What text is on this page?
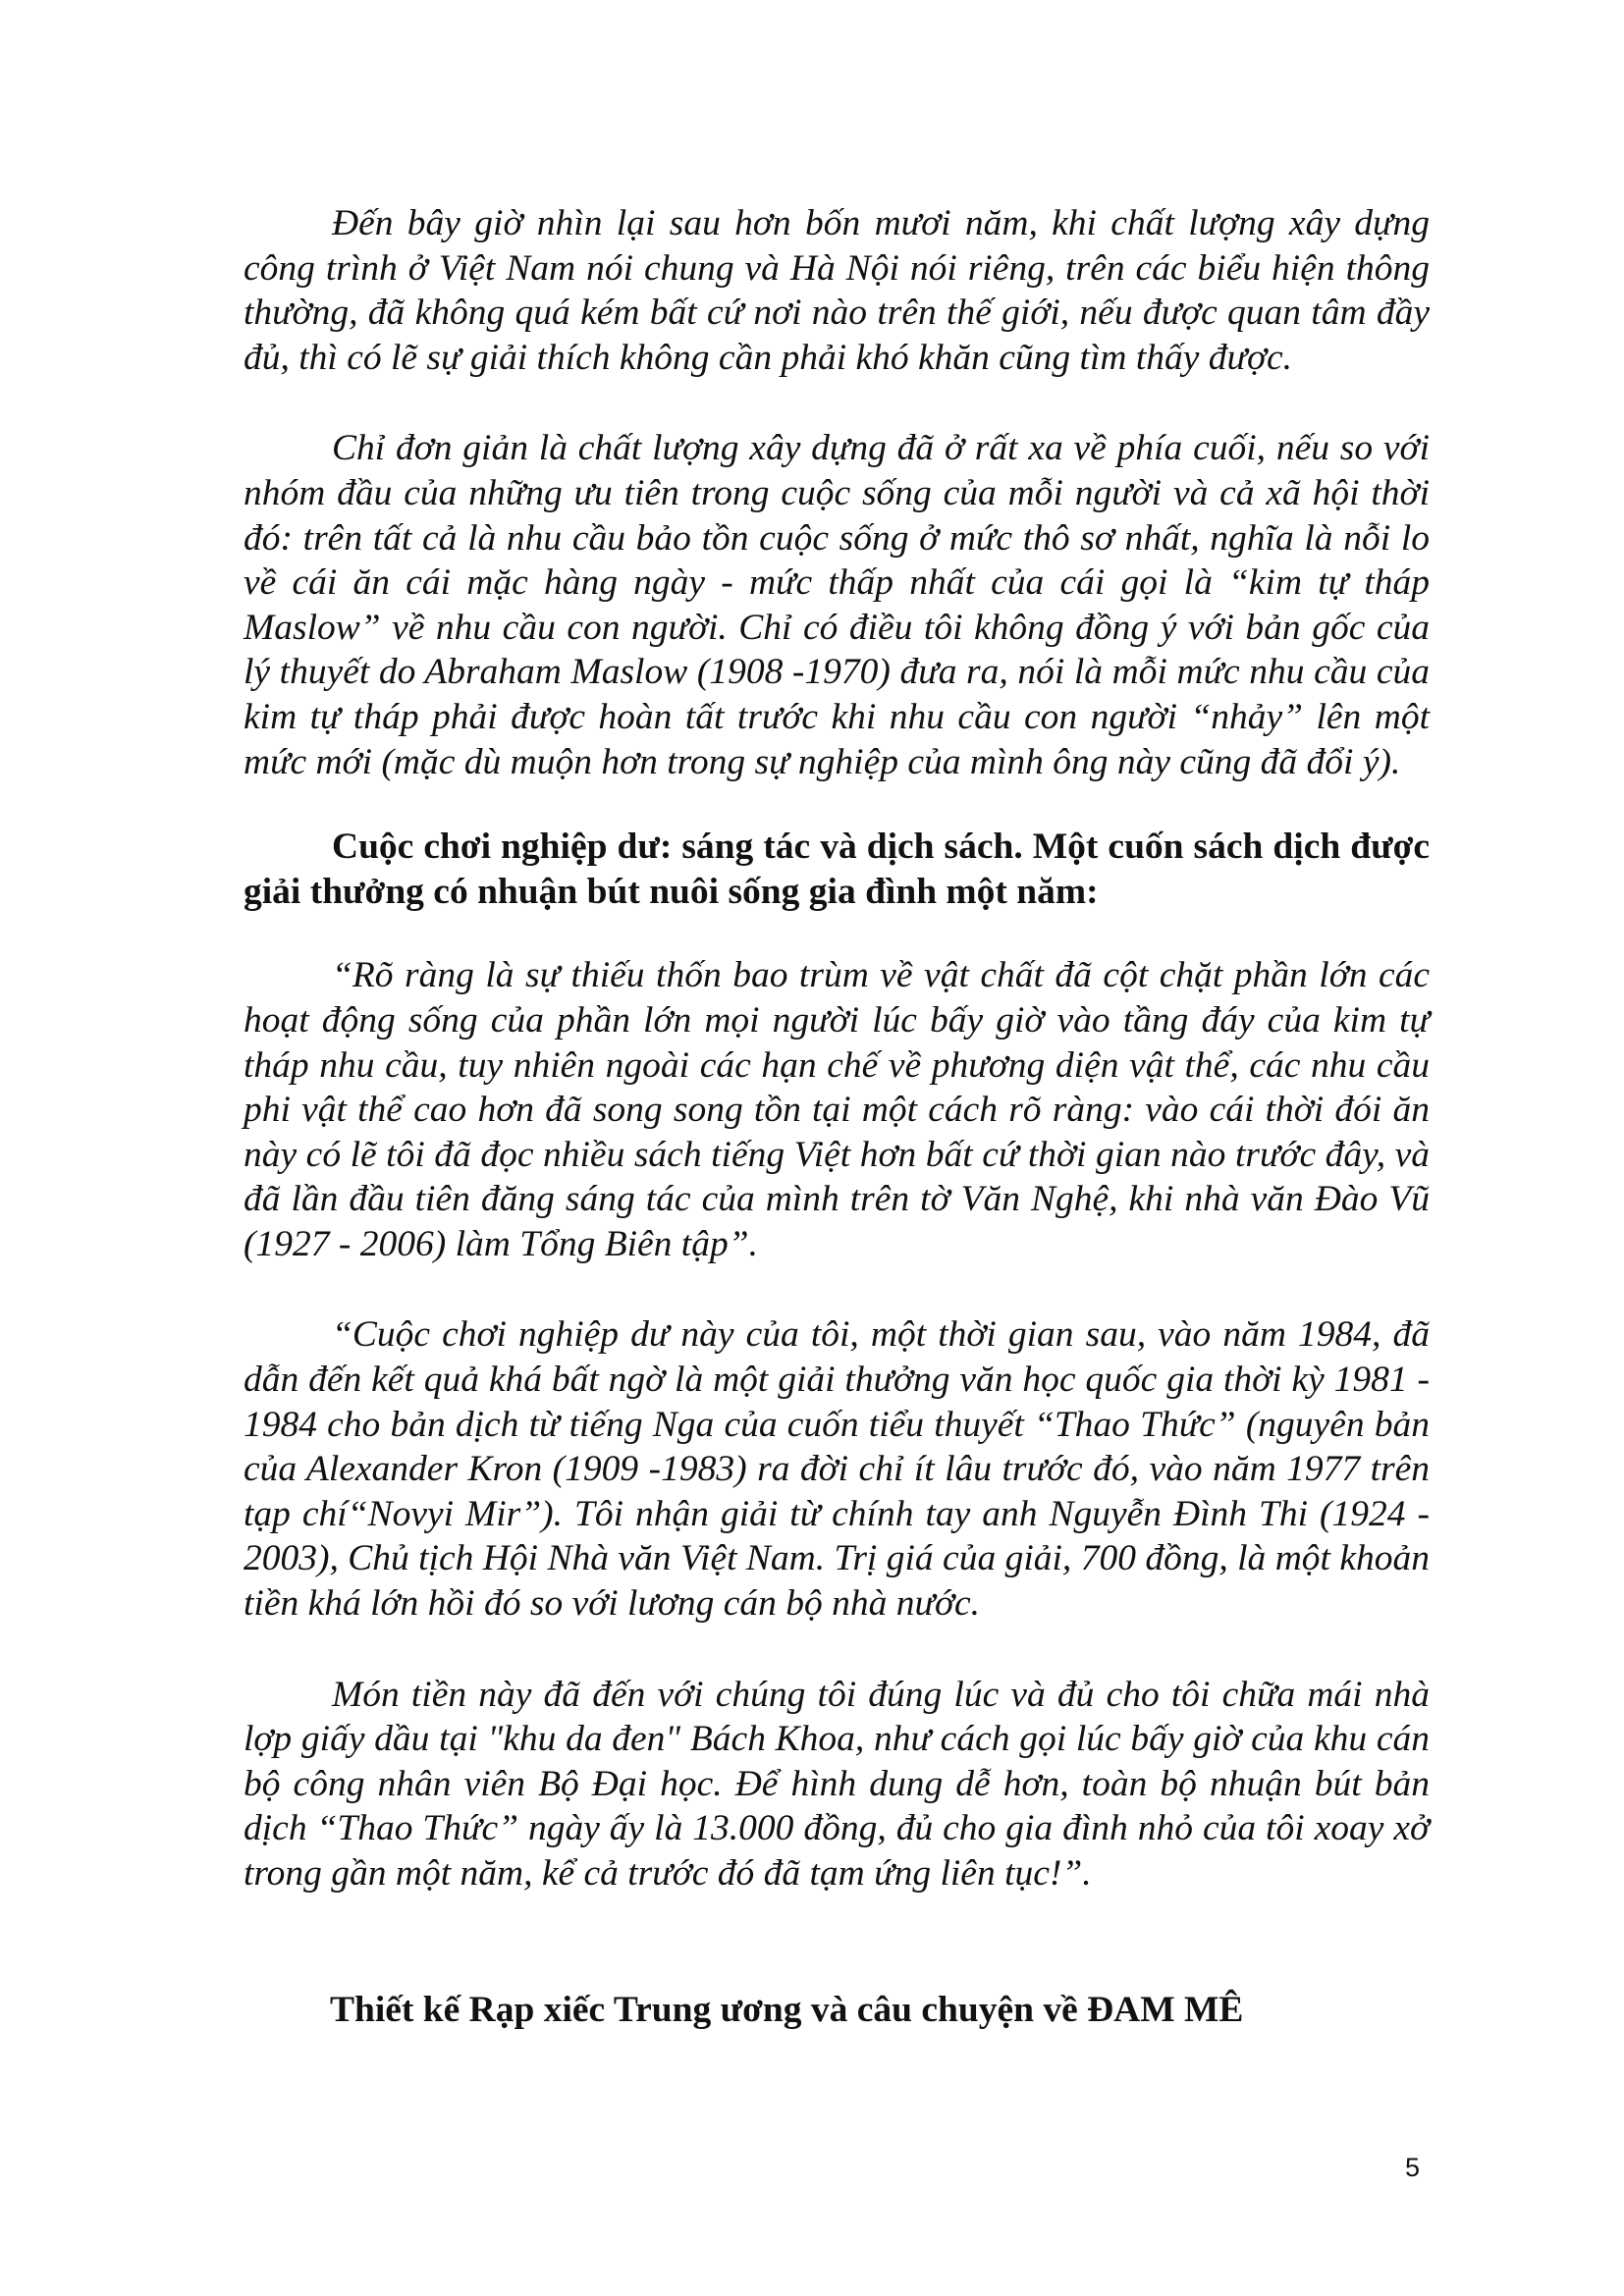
Đến bây giờ nhìn lại sau hơn bốn mươi năm, khi chất lượng xây dựng công trình ở Việt Nam nói chung và Hà Nội nói riêng, trên các biểu hiện thông thường, đã không quá kém bất cứ nơi nào trên thế giới, nếu được quan tâm đầy đủ, thì có lẽ sự giải thích không cần phải khó khăn cũng tìm thấy được.

Chỉ đơn giản là chất lượng xây dựng đã ở rất xa về phía cuối, nếu so với nhóm đầu của những ưu tiên trong cuộc sống của mỗi người và cả xã hội thời đó: trên tất cả là nhu cầu bảo tồn cuộc sống ở mức thô sơ nhất, nghĩa là nỗi lo về cái ăn cái mặc hàng ngày - mức thấp nhất của cái gọi là “kim tự tháp Maslow” về nhu cầu con người. Chỉ có điều tôi không đồng ý với bản gốc của lý thuyết do Abraham Maslow (1908 -1970) đưa ra, nói là mỗi mức nhu cầu của kim tự tháp phải được hoàn tất trước khi nhu cầu con người “nhảy” lên một mức mới (mặc dù muộn hơn trong sự nghiệp của mình ông này cũng đã đổi ý).

Cuộc chơi nghiệp dư: sáng tác và dịch sách. Một cuốn sách dịch được giải thưởng có nhuận bút nuôi sống gia đình một năm:

“Rõ ràng là sự thiếu thốn bao trùm về vật chất đã cột chặt phần lớn các hoạt động sống của phần lớn mọi người lúc bấy giờ vào tầng đáy của kim tự tháp nhu cầu, tuy nhiên ngoài các hạn chế về phương diện vật thể, các nhu cầu phi vật thể cao hơn đã song song tồn tại một cách rõ ràng: vào cái thời đói ăn này có lẽ tôi đã đọc nhiều sách tiếng Việt hơn bất cứ thời gian nào trước đây, và đã lần đầu tiên đăng sáng tác của mình trên tờ Văn Nghệ, khi nhà văn Đào Vũ (1927 - 2006) làm Tổng Biên tập”.

“Cuộc chơi nghiệp dư này của tôi, một thời gian sau, vào năm 1984, đã dẫn đến kết quả khá bất ngờ là một giải thưởng văn học quốc gia thời kỳ 1981 - 1984 cho bản dịch từ tiếng Nga của cuốn tiểu thuyết “Thao Thức” (nguyên bản của Alexander Kron (1909 -1983) ra đời chỉ ít lâu trước đó, vào năm 1977 trên tạp chí“Novyi Mir”). Tôi nhận giải từ chính tay anh Nguyễn Đình Thi (1924 - 2003), Chủ tịch Hội Nhà văn Việt Nam. Trị giá của giải, 700 đồng, là một khoản tiền khá lớn hồi đó so với lương cán bộ nhà nước.

Món tiền này đã đến với chúng tôi đúng lúc và đủ cho tôi chữa mái nhà lợp giấy dầu tại "khu da đen" Bách Khoa, như cách gọi lúc bấy giờ của khu cán bộ công nhân viên Bộ Đại học. Để hình dung dễ hơn, toàn bộ nhuận bút bản dịch “Thao Thức” ngày ấy là 13.000 đồng, đủ cho gia đình nhỏ của tôi xoay xở trong gần một năm, kể cả trước đó đã tạm ứng liên tục!”.

Thiết kế Rạp xiếc Trung ương và câu chuyện về ĐAM MÊ

5
